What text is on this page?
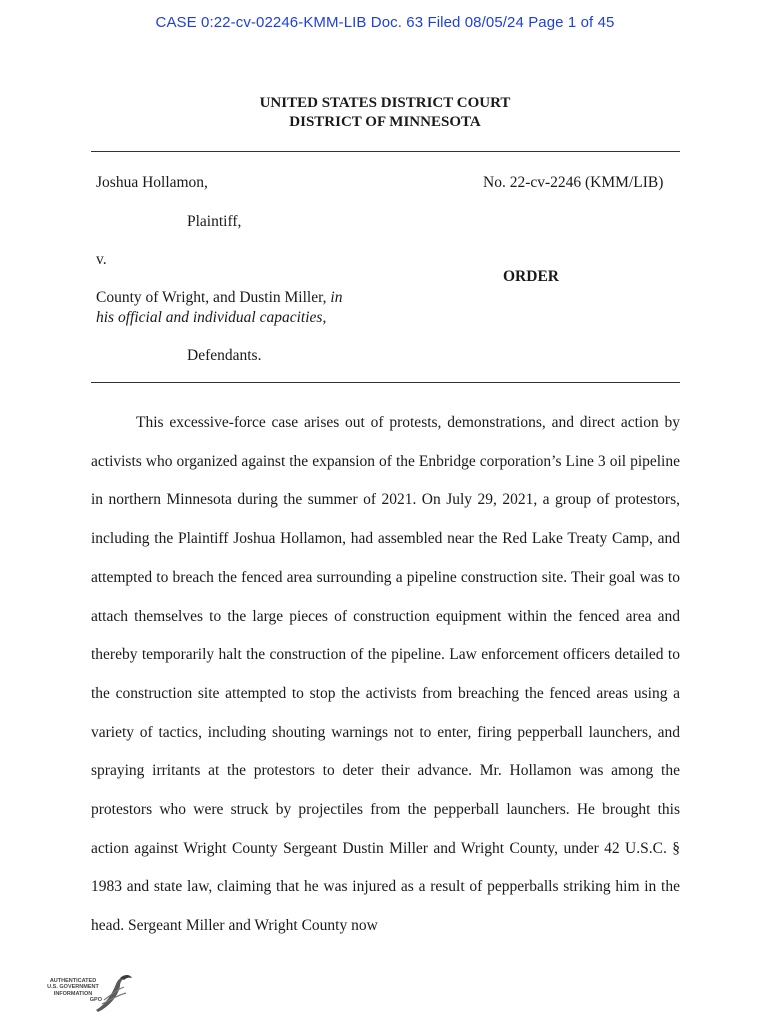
CASE 0:22-cv-02246-KMM-LIB Doc. 63 Filed 08/05/24 Page 1 of 45
UNITED STATES DISTRICT COURT
DISTRICT OF MINNESOTA
Joshua Hollamon,	No. 22-cv-2246 (KMM/LIB)
Plaintiff,
v.
ORDER
County of Wright, and Dustin Miller, in
his official and individual capacities,
Defendants.

This excessive-force case arises out of protests, demonstrations, and direct action by activists who organized against the expansion of the Enbridge corporation’s Line 3 oil pipeline in northern Minnesota during the summer of 2021. On July 29, 2021, a group of protestors, including the Plaintiff Joshua Hollamon, had assembled near the Red Lake Treaty Camp, and attempted to breach the fenced area surrounding a pipeline construction site. Their goal was to attach themselves to the large pieces of construction equipment within the fenced area and thereby temporarily halt the construction of the pipeline. Law enforcement officers detailed to the construction site attempted to stop the activists from breaching the fenced areas using a variety of tactics, including shouting warnings not to enter, firing pepperball launchers, and spraying irritants at the protestors to deter their advance. Mr. Hollamon was among the protestors who were struck by projectiles from the pepperball launchers. He brought this action against Wright County Sergeant Dustin Miller and Wright County, under 42 U.S.C. § 1983 and state law, claiming that he was injured as a result of pepperballs striking him in the head. Sergeant Miller and Wright County now

AUTHENTICATED
U.S. GOVERNMENT
INFORMATION
GPO
